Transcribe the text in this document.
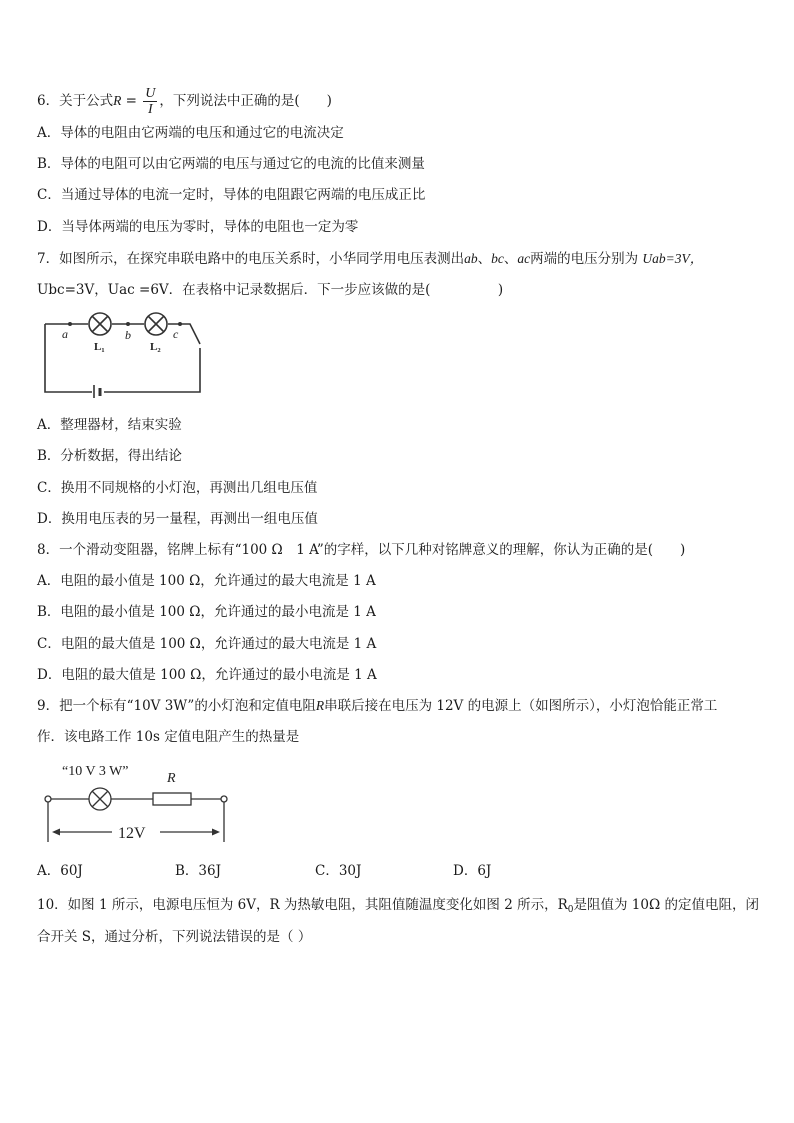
6．关于公式$R = \frac{U}{I}$ ，下列说法中正确的是(　　)
A．导体的电阻由它两端的电压和通过它的电流决定
B．导体的电阻可以由它两端的电压与通过它的电流的比值来测量
C．当通过导体的电流一定时，导体的电阻跟它两端的电压成正比
D．当导体两端的电压为零时，导体的电阻也一定为零
7．如图所示，在探究串联电路中的电压关系时，小华同学用电压表测出ab、bc、ac两端的电压分别为 Uab=3V，
Ubc=3V，Uac =6V．在表格中记录数据后．下一步应该做的是(　　　　　)
a	b	c
L₁	L₂
A．整理器材，结束实验
B．分析数据，得出结论
C．换用不同规格的小灯泡，再测出几组电压值
D．换用电压表的另一量程，再测出一组电压值
8．一个滑动变阻器，铭牌上标有“100 Ω　1 A”的字样，以下几种对铭牌意义的理解，你认为正确的是(　　)
A．电阻的最小值是 100 Ω，允许通过的最大电流是 1 A
B．电阻的最小值是 100 Ω，允许通过的最小电流是 1 A
C．电阻的最大值是 100 Ω，允许通过的最大电流是 1 A
D．电阻的最大值是 100 Ω，允许通过的最小电流是 1 A
9．把一个标有“10V 3W”的小灯泡和定值电阻R串联后接在电压为 12V 的电源上（如图所示），小灯泡恰能正常工
作．该电路工作 10s 定值电阻产生的热量是
“10 V 3 W”	R
12V
A．60J	B．36J	C．30J	D．6J
10．如图 1 所示，电源电压恒为 6V，R 为热敏电阻，其阻值随温度变化如图 2 所示，$R_0$是阻值为 10Ω 的定值电阻，闭
合开关 S，通过分析，下列说法错误的是（ ）
